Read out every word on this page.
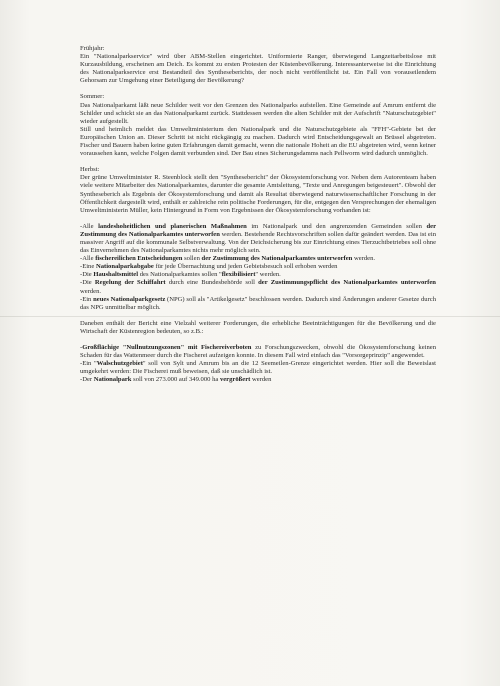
Frühjahr:

Ein "Nationalparkservice" wird über ABM-Stellen eingerichtet. Uniformierte Ranger, überwiegend Langzeitarbeitslose mit Kurzausbildung, erscheinen am Deich. Es kommt zu ersten Protesten der Küstenbevölkerung. Interessanterweise ist die Einrichtung des Nationalparkservice erst Bestandteil des Syntheseberichts, der noch nicht veröffentlicht ist. Ein Fall von vorauseilendem Gehorsam zur Umgehung einer Beteiligung der Bevölkerung?

Sommer:

Das Nationalparkamt läßt neue Schilder weit vor den Grenzen des Nationalparks aufstellen. Eine Gemeinde auf Amrum entfernt die Schilder und schickt sie an das Nationalparkamt zurück. Stattdessen werden die alten Schilder mit der Aufschrift "Naturschutzgebiet" wieder aufgestellt.

Still und heimlich meldet das Umweltministerium den Nationalpark und die Naturschutzgebiete als "FFH"-Gebiete bei der Europäischen Union an. Dieser Schritt ist nicht rückgängig zu machen. Dadurch wird Entscheidungsgewalt an Brüssel abgetreten. Fischer und Bauern haben keine guten Erfahrungen damit gemacht, wenn die nationale Hoheit an die EU abgetreten wird, wenn keiner voraussehen kann, welche Folgen damit verbunden sind. Der Bau eines Sicherungsdamms nach Pellworm wird dadurch unmöglich.

Herbst:

Der grüne Umweltminister R. Steenblock stellt den "Synthesebericht" der Ökosystemforschung vor. Neben dem Autorenteam haben viele weitere Mitarbeiter des Nationalparkamtes, darunter die gesamte Amtsleitung, "Texte und Anregungen beigesteuert". Obwohl der Syntheseberich als Ergebnis der Ökosystemforschung und damit als Resultat überwiegend naturwissenschaftlicher Forschung in der Öffentlichkeit dargestellt wird, enthält er zahlreiche rein politische Forderungen, für die, entgegen den Versprechungen der ehemaligen Umweltministerin Müller, kein Hintergrund in Form von Ergebnissen der Ökosystemforschung vorhanden ist:

-Alle landeshoheitlichen und planerischen Maßnahmen im Nationalpark und den angrenzenden Gemeinden sollen der Zustimmung des Nationalparkamtes unterworfen werden. Bestehende Rechtsvorschriften sollen dafür geändert werden. Das ist ein massiver Angriff auf die kommunale Selbstverwaltung. Von der Deichsicherung bis zur Einrichtung eines Tierzuchtbetriebes soll ohne das Einvernehmen des Nationalparkamtes nichts mehr möglich sein.

-Alle fischereilichen Entscheidungen sollen der Zustimmung des Nationalparkamtes unterworfen werden.

-Eine Nationalparkabgabe für jede Übernachtung und jeden Gebietsbesuch soll erhoben werden

-Die Haushaltsmittel des Nationalparkamtes sollen "flexibilisiert" werden.

-Die Regelung der Schiffahrt durch eine Bundesbehörde soll der Zustimmungspflicht des Nationalparkamtes unterworfen werden.

-Ein neues Nationalparkgesetz (NPG) soll als "Artikelgesetz" beschlossen werden. Dadurch sind Änderungen anderer Gesetze durch das NPG unmittelbar möglich.

Daneben enthält der Bericht eine Vielzahl weiterer Forderungen, die erhebliche Beeinträchtigungen für die Bevölkerung und die Wirtschaft der Küstenregion bedeuten, so z.B.:

-Großflächige "Nullnutzungszonen" mit Fischereiverboten zu Forschungszwecken, obwohl die Ökosystemforschung keinen Schaden für das Wattenmeer durch die Fischerei aufzeigen konnte. In diesem Fall wird einfach das "Vorsorgeprinzip" angewendet.

-Ein "Walschutzgebiet" soll von Sylt und Amrum bis an die 12 Seemeilen-Grenze eingerichtet werden. Hier soll die Beweislast umgekehrt werden: Die Fischerei muß beweisen, daß sie unschädlich ist.

-Der Nationalpark soll von 273.000 auf 349.000 ha vergrößert werden
